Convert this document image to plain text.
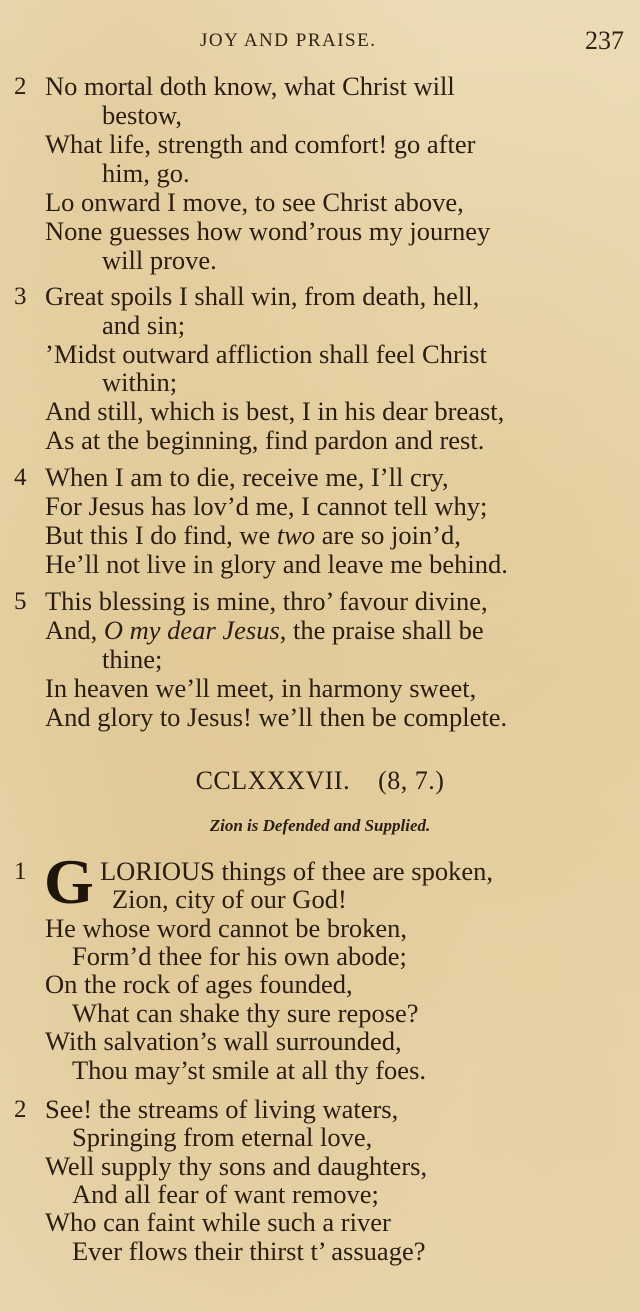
JOY AND PRAISE.	237
2 No mortal doth know, what Christ will
bestow,
What life, strength and comfort! go after
him, go.
Lo onward I move, to see Christ above,
None guesses how wond’rous my journey
will prove.
3 Great spoils I shall win, from death, hell,
and sin;
’Midst outward affliction shall feel Christ
within;
And still, which is best, I in his dear breast,
As at the beginning, find pardon and rest.
4 When I am to die, receive me, I’ll cry,
For Jesus has lov’d me, I cannot tell why;
But this I do find, we two are so join’d,
He’ll not live in glory and leave me behind.
5 This blessing is mine, thro’ favour divine,
And, O my dear Jesus, the praise shall be
thine;
In heaven we’ll meet, in harmony sweet,
And glory to Jesus! we’ll then be complete.
CCLXXXVII. (8, 7.)
Zion is Defended and Supplied.
1 G LORIOUS things of thee are spoken,
Zion, city of our God!
He whose word cannot be broken,
Form’d thee for his own abode;
On the rock of ages founded,
What can shake thy sure repose?
With salvation’s wall surrounded,
Thou may’st smile at all thy foes.
2 See! the streams of living waters,
Springing from eternal love,
Well supply thy sons and daughters,
And all fear of want remove;
Who can faint while such a river
Ever flows their thirst t’ assuage?
